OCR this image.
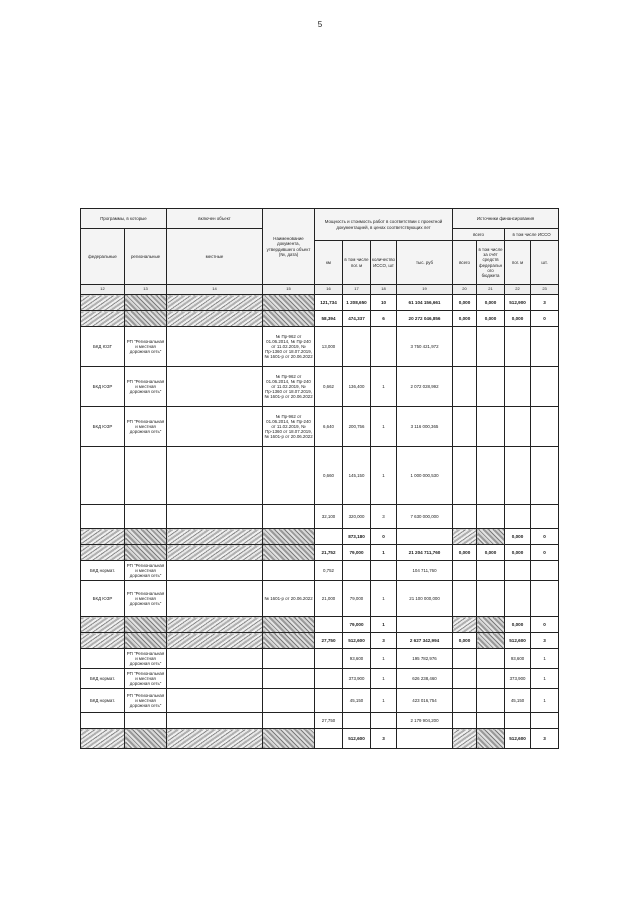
5
Программы, в которые		включен объект	Наименование документа, утвердившего объект (№, дата)	Мощность и стоимость работ в соответствии с проектной документацией, в ценах соответствующих лет				Источники финансирования			
федеральные	региональные	местные						всего		в том числе ИССО	
				км	в том числе пог. м	количество ИССО, шт	тыс. руб	всего	в том числе за счёт средств федерального бюджета	пог. м	шт.
12	13	14	15	16	17	18	19	20	21	22	23
				121,734	1 208,650	10	61 104 156,661	0,000	0,000	512,900	3
				58,394	474,337	6	20 272 046,856	0,000	0,000	0,000	0
БКД ЮЗГ	РП "Региональная и местная дорожная сеть"		№ Пр-962 от 01.06.2014, № Пр-240 от 11.02.2019, № Пр-1360 от 18.07.2019, № 1601-р от 20.06.2022	13,000			3 750 421,972				
БКД ЮЗР	РП "Региональная и местная дорожная сеть"		№ Пр-962 от 01.06.2014, № Пр-240 от 11.02.2019, № Пр-1360 от 18.07.2019, № 1601-р от 20.06.2022	0,662	136,400	1	2 072 028,992				
БКД ЮЗР	РП "Региональная и местная дорожная сеть"		№ Пр-962 от 01.06.2014, № Пр-240 от 11.02.2019, № Пр-1360 от 18.07.2019, № 1601-р от 20.06.2022	6,640	200,756	1	3 116 000,365				
				0,660	145,150	1	1 000 000,530				
				32,100	320,000	3	7 630 000,000				
					873,180	0				0,000	0
				21,752	79,000	1	21 204 711,760	0,000	0,000	0,000	0
БКД нормат.	РП "Региональная и местная дорожная сеть"			0,752			104 711,760				
БКД ЮЗР	РП "Региональная и местная дорожная сеть"		№ 1601-р от 20.06.2022	21,000	79,000	1	21 100 000,000				
					79,000	1				0,000	0
				27,750	512,600	3	2 627 342,994	0,000		512,600	3
	РП "Региональная и местная дорожная сеть"				93,600	1	195 782,976			93,600	1
БКД нормат.	РП "Региональная и местная дорожная сеть"				373,900	1	626 238,460			373,900	1
БКД нормат.	РП "Региональная и местная дорожная сеть"				45,150	1	423 016,754			45,150	1
				27,750			2 179 904,200				
					512,600	3				512,600	3
